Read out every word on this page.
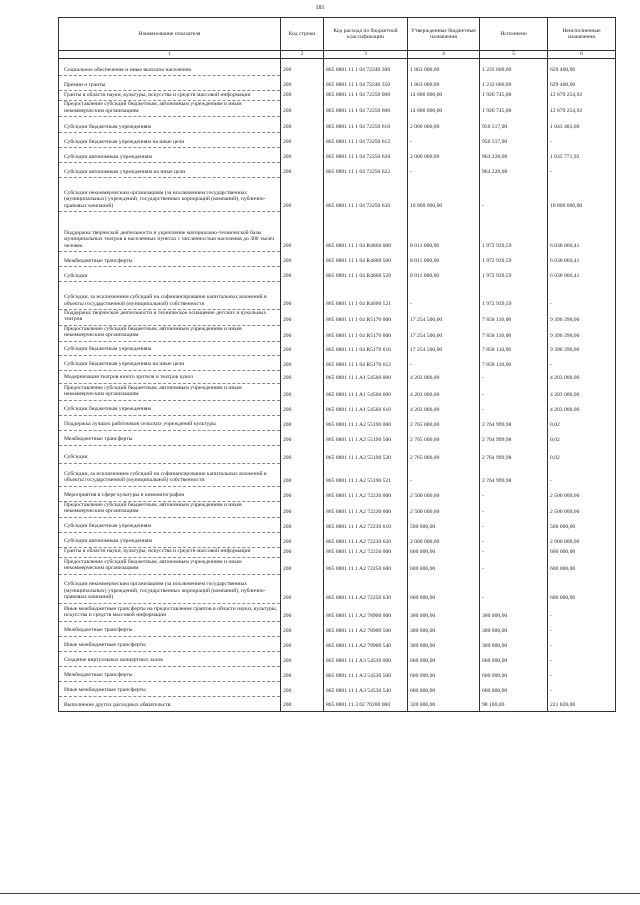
181
Наименование показателя	Код строки	Код расхода по бюджетной классификации	Утвержденные бюджетные назначения	Исполнено	Неисполненные назначения
1	2	3	4	5	6
Социальное обеспечение и иные выплаты населению	200	865 0801 11 1 04 72240 300	1 863 000,00	1 233 600,00	629 400,00
Премии и гранты	200	865 0801 11 1 04 72240 350	1 863 000,00	1 233 600,00	629 400,00
Гранты в области науки, культуры, искусства и средств массовой информации	200	865 0801 11 1 04 72250 000	14 800 000,00	1 920 745,08	12 879 254,92
Предоставление субсидий бюджетным, автономным учреждениям и иным некоммерческим организациям	200	865 0801 11 1 04 72250 600	14 800 000,00	1 920 745,08	12 879 254,92
Субсидии бюджетным учреждениям	200	865 0801 11 1 04 72250 610	2 000 000,00	956 517,00	1 043 483,00
Субсидии бюджетным учреждениям на иные цели	200	865 0801 11 1 04 72250 612	-	956 517,00	-
Субсидии автономным учреждениям	200	865 0801 11 1 04 72250 620	2 000 000,00	964 228,08	1 035 771,92
Субсидии автономным учреждениям на иные цели	200	865 0801 11 1 04 72250 622	-	964 228,08	-
Субсидии некоммерческим организациям (за исключением государственных (муниципальных) учреждений, государственных корпораций (компаний), публично-правовых компаний)	200	865 0801 11 1 04 72250 630	10 800 000,00	-	10 800 000,00
Поддержка творческой деятельности и укрепление материально-технической базы муниципальных театров в населенных пунктах с численностью населения до 300 тысяч человек	200	865 0801 11 1 04 R4660 000	8 011 000,00	1 972 939,59	6 038 060,41
Межбюджетные трансферты	200	865 0801 11 1 04 R4660 500	8 011 000,00	1 972 939,59	6 038 060,41
Субсидии	200	865 0801 11 1 04 R4660 520	8 011 000,00	1 972 939,59	6 038 060,41
Субсидии, за исключением субсидий на софинансирование капитальных вложений в объекты государственной (муниципальной) собственности	200	865 0801 11 1 04 R4660 521	-	1 972 939,59	-
Поддержка творческой деятельности и техническое оснащение детских и кукольных театров	200	865 0801 11 1 04 R5170 000	17 254 500,00	7 858 110,00	9 396 390,00
Предоставление субсидий бюджетным, автономным учреждениям и иным некоммерческим организациям	200	865 0801 11 1 04 R5170 600	17 254 500,00	7 858 110,00	9 396 390,00
Субсидии бюджетным учреждениям	200	865 0801 11 1 04 R5170 610	17 254 500,00	7 858 110,00	9 396 390,00
Субсидии бюджетным учреждениям на иные цели	200	865 0801 11 1 04 R5170 612	-	7 858 110,00	-
Модернизация театров юного зрителя и театров кукол	200	865 0801 11 1 A1 54560 000	4 203 000,00	-	4 203 000,00
Предоставление субсидий бюджетным, автономным учреждениям и иным некоммерческим организациям	200	865 0801 11 1 A1 54560 600	4 203 000,00	-	4 203 000,00
Субсидии бюджетным учреждениям	200	865 0801 11 1 A1 54560 610	4 203 000,00	-	4 203 000,00
Поддержка лучших работников сельских учреждений культуры	200	865 0801 11 1 A2 55190 000	2 765 000,00	2 764 999,98	0,02
Межбюджетные трансферты	200	865 0801 11 1 A2 55190 500	2 765 000,00	2 764 999,98	0,02
Субсидии	200	865 0801 11 1 A2 55190 520	2 765 000,00	2 764 999,98	0,02
Субсидии, за исключением субсидий на софинансирование капитальных вложений в объекты государственной (муниципальной) собственности	200	865 0801 11 1 A2 55190 521	-	2 764 999,98	-
Мероприятия в сфере культуры и кинематографии	200	865 0801 11 1 A2 72230 000	2 500 000,00	-	2 500 000,00
Предоставление субсидий бюджетным, автономным учреждениям и иным некоммерческим организациям	200	865 0801 11 1 A2 72230 600	2 500 000,00	-	2 500 000,00
Субсидии бюджетным учреждениям	200	865 0801 11 1 A2 72230 610	500 000,00	-	500 000,00
Субсидии автономным учреждениям	200	865 0801 11 1 A2 72230 620	2 000 000,00	-	2 000 000,00
Гранты в области науки, культуры, искусства и средств массовой информации	200	865 0801 11 1 A2 72250 000	600 000,00	-	600 000,00
Предоставление субсидий бюджетным, автономным учреждениям и иным некоммерческим организациям	200	865 0801 11 1 A2 72250 600	600 000,00	-	600 000,00
Субсидии некоммерческим организациям (за исключением государственных (муниципальных) учреждений, государственных корпораций (компаний), публично-правовых компаний)	200	865 0801 11 1 A2 72250 630	600 000,00	-	600 000,00
Иные межбюджетные трансферты на предоставление грантов в области науки, культуры, искусства и средств массовой информации	200	865 0801 11 1 A2 78900 000	300 000,00	300 000,00	-
Межбюджетные трансферты	200	865 0801 11 1 A2 78900 500	300 000,00	300 000,00	-
Иные межбюджетные трансферты	200	865 0801 11 1 A2 78900 540	300 000,00	300 000,00	-
Создание виртуальных концертных залов	200	865 0801 11 1 A3 54530 000	600 000,00	600 000,00	-
Межбюджетные трансферты	200	865 0801 11 1 A3 54530 500	600 000,00	600 000,00	-
Иные межбюджетные трансферты	200	865 0801 11 1 A3 54530 540	600 000,00	600 000,00	-
Выполнение других расходных обязательств	200	865 0801 11 3 02 70200 000	320 000,00	98 180,00	221 820,00
